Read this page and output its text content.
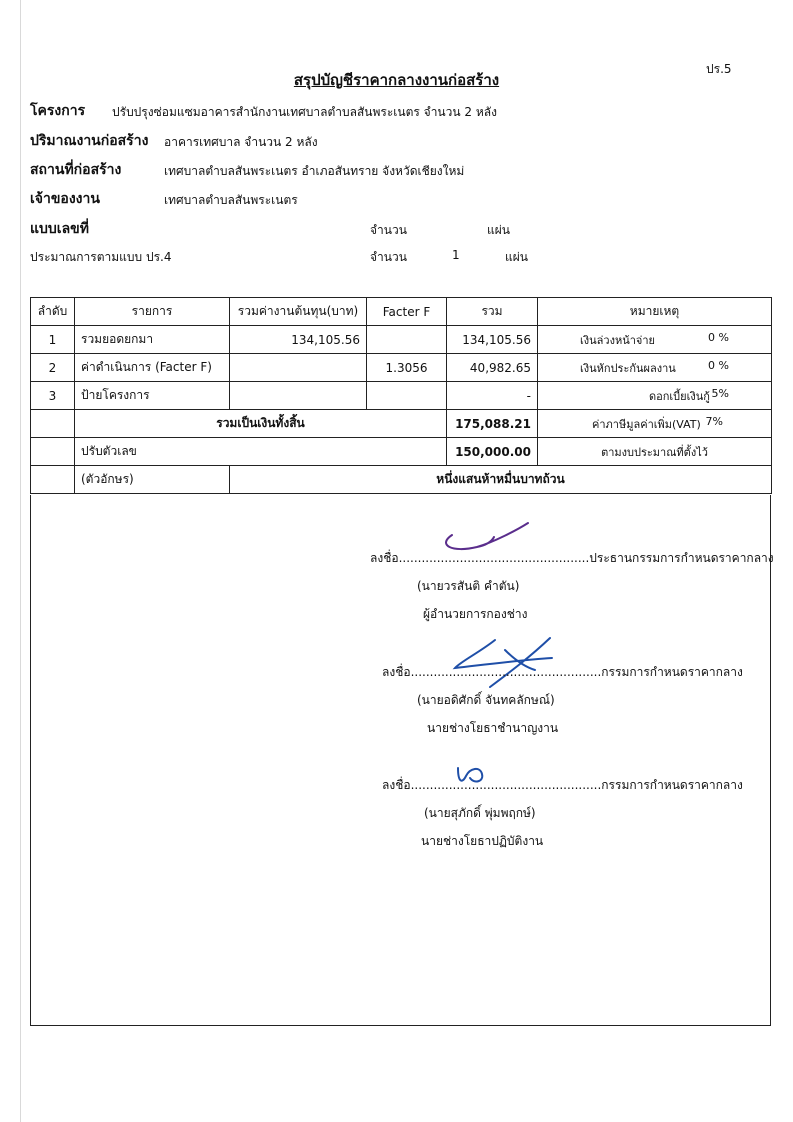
ปร.5
สรุปบัญชีราคากลางงานก่อสร้าง
โครงการ ปรับปรุงซ่อมแซมอาคารสำนักงานเทศบาลตำบลสันพระเนตร จำนวน 2 หลัง
ปริมาณงานก่อสร้าง อาคารเทศบาล จำนวน 2 หลัง
สถานที่ก่อสร้าง	เทศบาลตำบลสันพระเนตร อำเภอสันทราย จังหวัดเชียงใหม่
เจ้าของงาน	เทศบาลตำบลสันพระเนตร
แบบเลขที่	จำนวน	แผ่น
ประมาณการตามแบบ ปร.4	จำนวน	1	แผ่น
ลำดับ	รายการ	รวมค่างานต้นทุน(บาท)	Facter F	รวม	หมายเหตุ
1	รวมยอดยกมา	134,105.56		134,105.56	เงินล่วงหน้าจ่าย 0 %

2	ค่าดำเนินการ (Facter F)		1.3056	40,982.65	เงินหักประกันผลงาน 0 %

3	ป้ายโครงการ			-	ดอกเบี้ยเงินกู้ 5%

	รวมเป็นเงินทั้งสิ้น			175,088.21	ค่าภาษีมูลค่าเพิ่ม(VAT) 7%

	ปรับตัวเลข			150,000.00	ตามงบประมาณที่ตั้งไว้
	(ตัวอักษร)	หนึ่งแสนห้าหมื่นบาทถ้วน			
ลงชื่อ..................................................ประธานกรรมการกำหนดราคากลาง
(นายวรสันติ คำตัน)
ผู้อำนวยการกองช่าง
ลงชื่อ..................................................กรรมการกำหนดราคากลาง
(นายอดิศักดิ์ จันทคลักษณ์)
นายช่างโยธาชำนาญงาน
ลงชื่อ..................................................กรรมการกำหนดราคากลาง
(นายสุภักดิ์ พุ่มพฤกษ์)
นายช่างโยธาปฏิบัติงาน
